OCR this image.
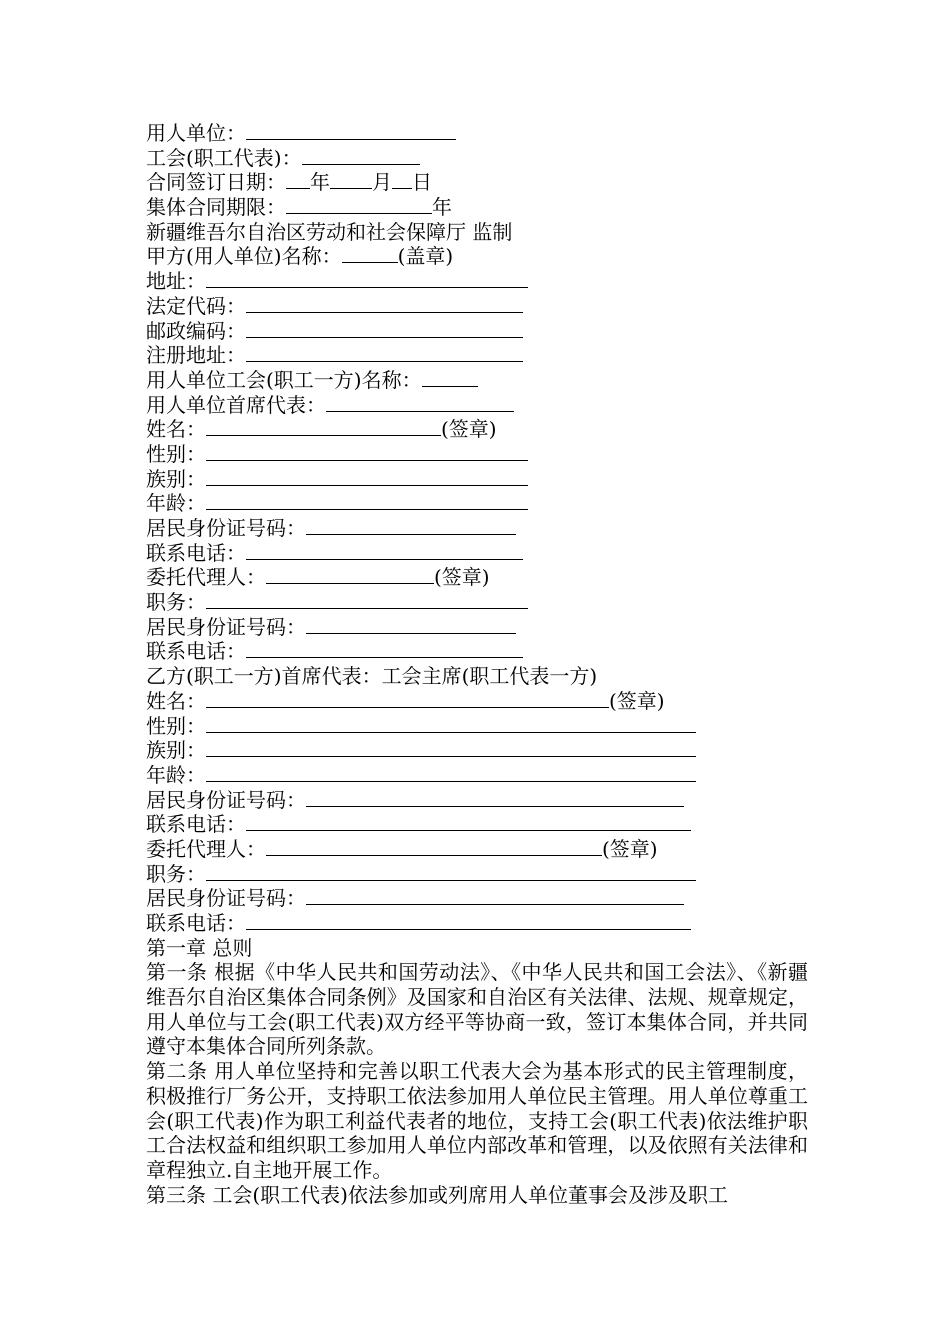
用人单位：
工会(职工代表)：
合同签订日期： 年 月 日
集体合同期限：	年
新疆维吾尔自治区劳动和社会保障厅 监制
甲方(用人单位)名称：	(盖章)
地址：
法定代码：
邮政编码：
注册地址：
用人单位工会(职工一方)名称：
用人单位首席代表：
姓名：	(签章)
性别：
族别：
年龄：
居民身份证号码：
联系电话：
委托代理人：	(签章)
职务：
居民身份证号码：
联系电话：
乙方(职工一方)首席代表：工会主席(职工代表一方)
姓名：	(签章)
性别：
族别：
年龄：
居民身份证号码：
联系电话：
委托代理人：	(签章)
职务：
居民身份证号码：
联系电话：
第一章 总则
第一条 根据《中华人民共和国劳动法》、《中华人民共和国工会法》、《新疆维吾尔自治区集体合同条例》及国家和自治区有关法律、法规、规章规定，用人单位与工会(职工代表)双方经平等协商一致，签订本集体合同，并共同遵守本集体合同所列条款。
第二条 用人单位坚持和完善以职工代表大会为基本形式的民主管理制度，积极推行厂务公开，支持职工依法参加用人单位民主管理。用人单位尊重工会(职工代表)作为职工利益代表者的地位，支持工会(职工代表)依法维护职工合法权益和组织职工参加用人单位内部改革和管理，以及依照有关法律和章程独立.自主地开展工作。
第三条 工会(职工代表)依法参加或列席用人单位董事会及涉及职工
